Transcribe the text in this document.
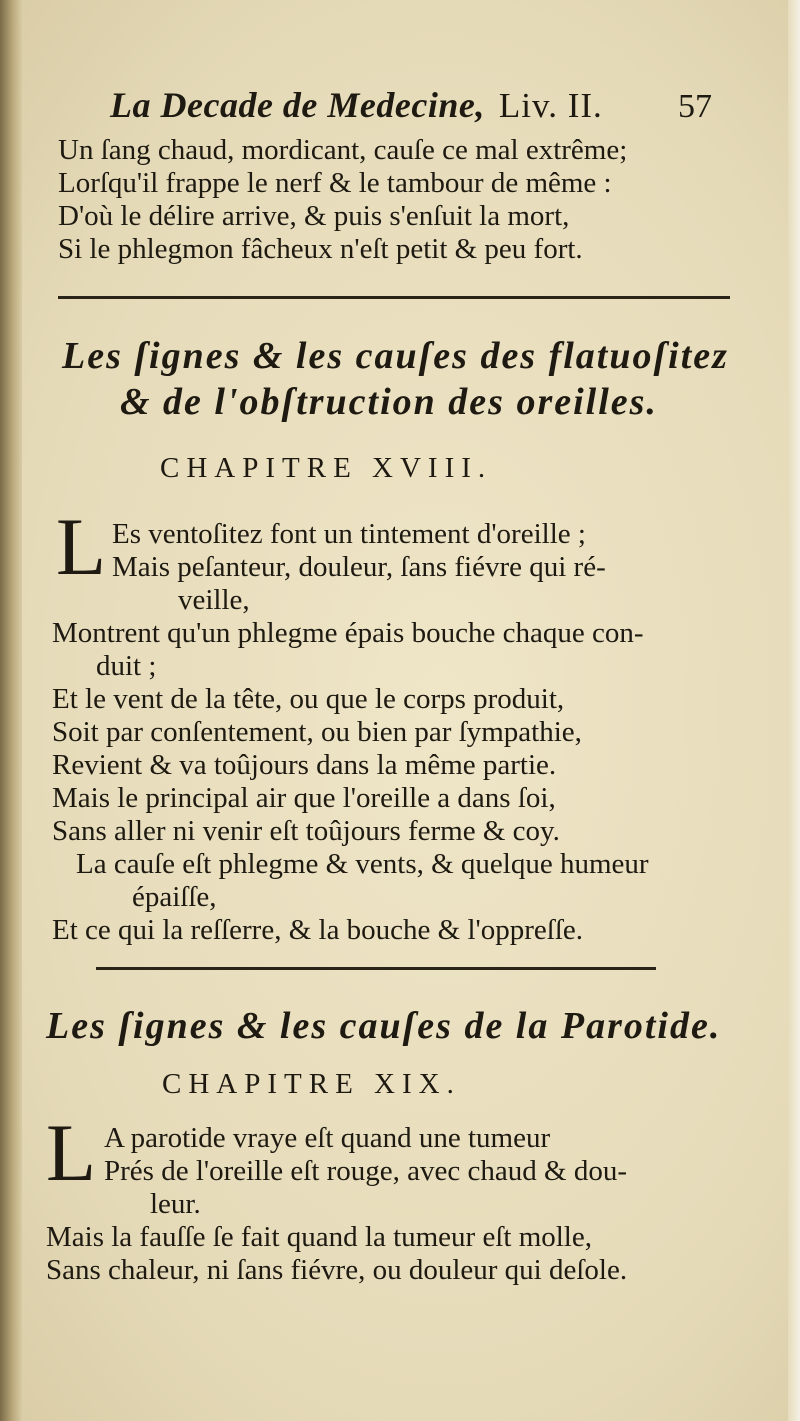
La Decade de Medecine, Liv. II. 57
Un ſang chaud, mordicant, cauſe ce mal extrême;
Lorſqu'il frappe le nerf & le tambour de même :
D'où le délire arrive, & puis s'enſuit la mort,
Si le phlegmon fâcheux n'eſt petit & peu fort.
Les ſignes & les cauſes des flatuoſitez
& de l'obſtruction des oreilles.
CHAPITRE XVIII.
L Es ventoſitez font un tintement d'oreille ;
Mais peſanteur, douleur, ſans fiévre qui ré-
veille,
Montrent qu'un phlegme épais bouche chaque con-
duit ;
Et le vent de la tête, ou que le corps produit,
Soit par conſentement, ou bien par ſympathie,
Revient & va toûjours dans la même partie.
Mais le principal air que l'oreille a dans ſoi,
Sans aller ni venir eſt toûjours ferme & coy.
La cauſe eſt phlegme & vents, & quelque humeur
épaiſſe,
Et ce qui la reſſerre, & la bouche & l'oppreſſe.
Les ſignes & les cauſes de la Parotide.
CHAPITRE XIX.
L A parotide vraye eſt quand une tumeur
Prés de l'oreille eſt rouge, avec chaud & dou-
leur.
Mais la fauſſe ſe fait quand la tumeur eſt molle,
Sans chaleur, ni ſans fiévre, ou douleur qui deſole.
